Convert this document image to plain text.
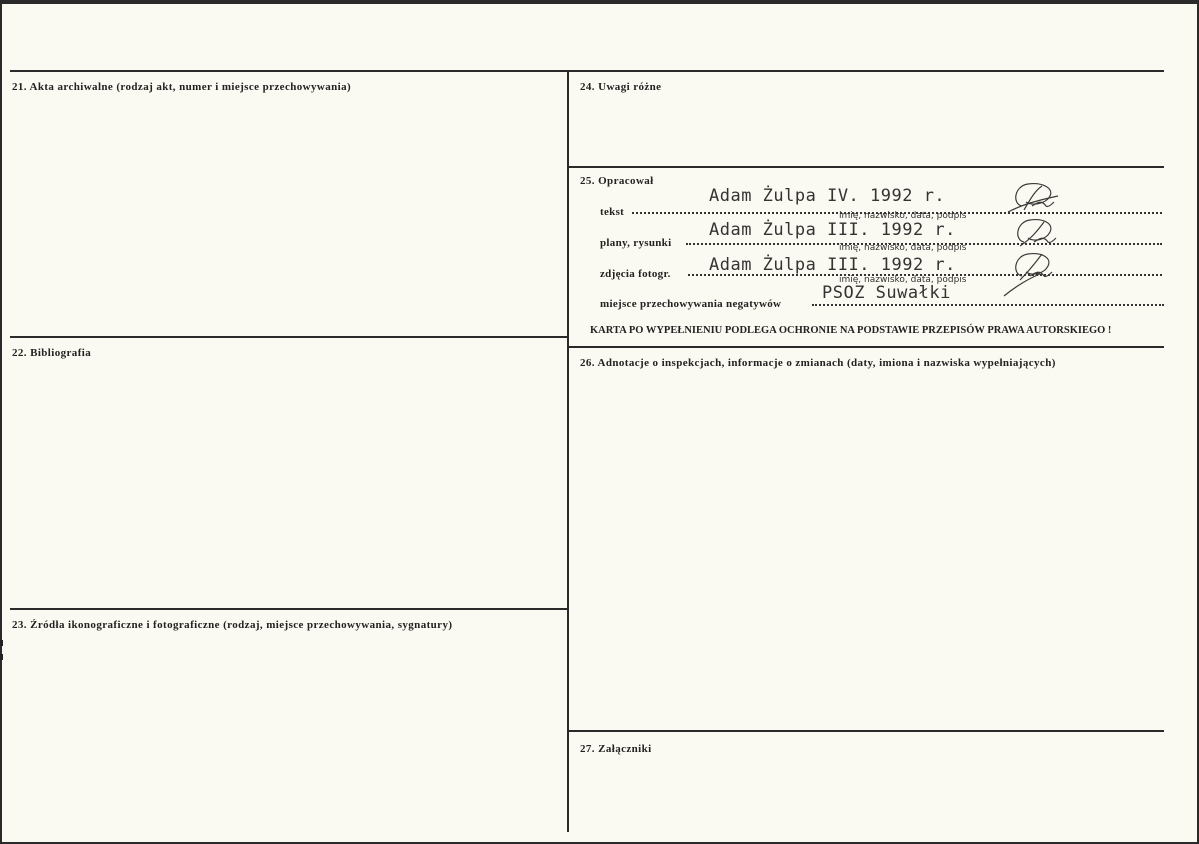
21. Akta archiwalne (rodzaj akt, numer i miejsce przechowywania)
22. Bibliografia
23. Źródła ikonograficzne i fotograficzne (rodzaj, miejsce przechowywania, sygnatury)
24. Uwagi różne
25. Opracował
26. Adnotacje o inspekcjach, informacje o zmianach (daty, imiona i nazwiska wypełniających)
27. Załączniki
tekst
Adam Żulpa IV. 1992 r.
imię, nazwisko, data, podpis
plany, rysunki
Adam Żulpa III. 1992 r.
imię, nazwisko, data, podpis
zdjęcia fotogr. Adam Żulpa III. 1992 r.
imię, nazwisko, data, podpis
miejsce przechowywania negatywów
PSOZ Suwałki
KARTA PO WYPEŁNIENIU PODLEGA OCHRONIE NA PODSTAWIE PRZEPISÓW PRAWA AUTORSKIEGO !
